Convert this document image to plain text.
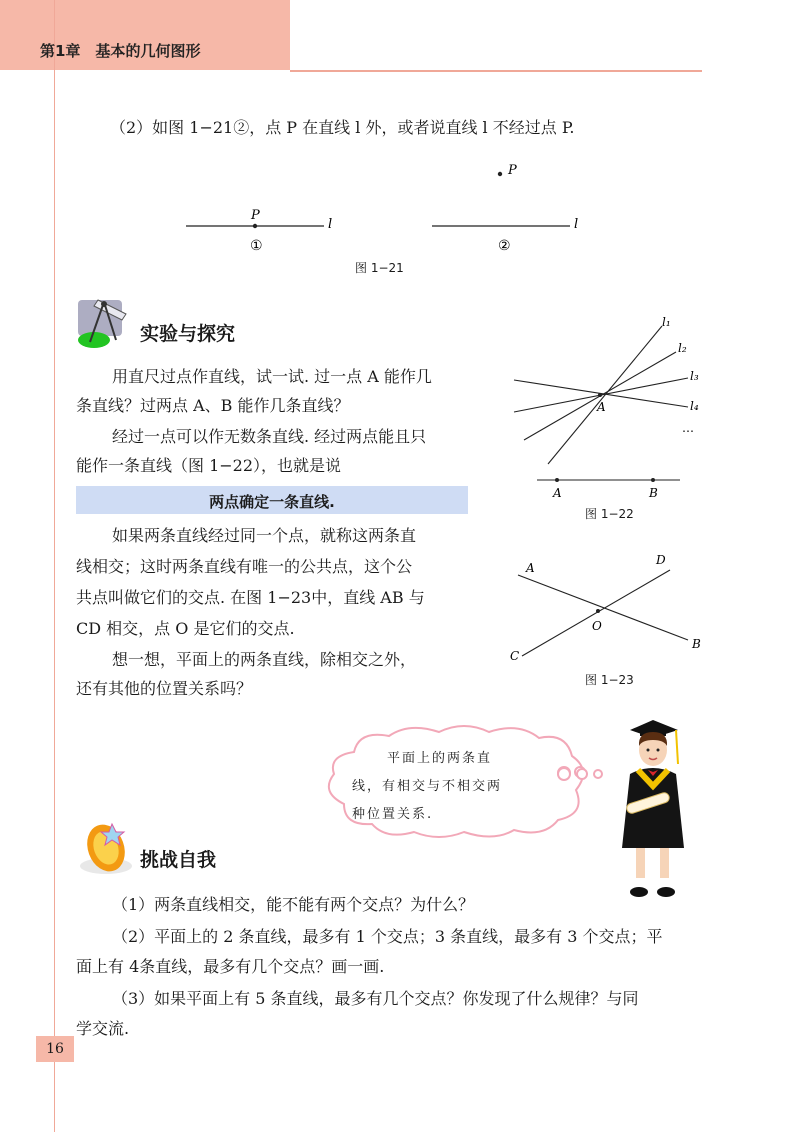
第1章　基本的几何图形
（2）如图 1−21②，点 P 在直线 l 外，或者说直线 l 不经过点 P.
P
l
①
P
l
②
图 1−21
实验与探究
用直尺过点作直线，试一试. 过一点 A 能作几
条直线？过两点 A、B 能作几条直线？
经过一点可以作无数条直线. 经过两点能且只
能作一条直线（图 1−22），也就是说
两点确定一条直线.
如果两条直线经过同一个点，就称这两条直
线相交；这时两条直线有唯一的公共点，这个公
共点叫做它们的交点. 在图 1−23中，直线 AB 与
CD 相交，点 O 是它们的交点.
想一想，平面上的两条直线，除相交之外，
还有其他的位置关系吗？
l₁
l₂
l₃
l₄
…
A
A	B
图 1−22
A
B
C
D
O
图 1−23
平面上的两条直
线，有相交与不相交两
种位置关系.
挑战自我
（1）两条直线相交，能不能有两个交点？为什么？
（2）平面上的 2 条直线，最多有 1 个交点；3 条直线，最多有 3 个交点；平
面上有 4条直线，最多有几个交点？画一画.
（3）如果平面上有 5 条直线，最多有几个交点？你发现了什么规律？与同
学交流.
16
